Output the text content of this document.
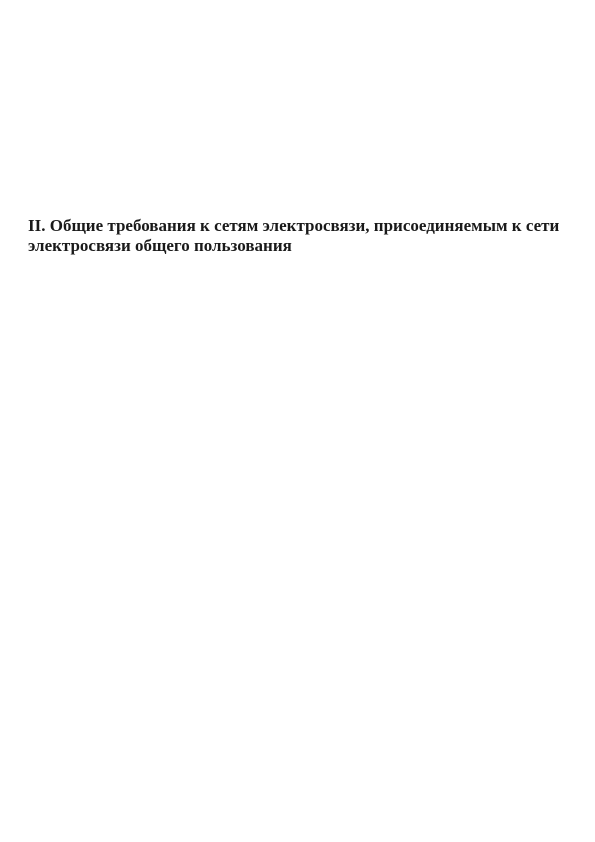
II. Общие требования к сетям электросвязи, присоединяемым к сети электросвязи общего пользования
